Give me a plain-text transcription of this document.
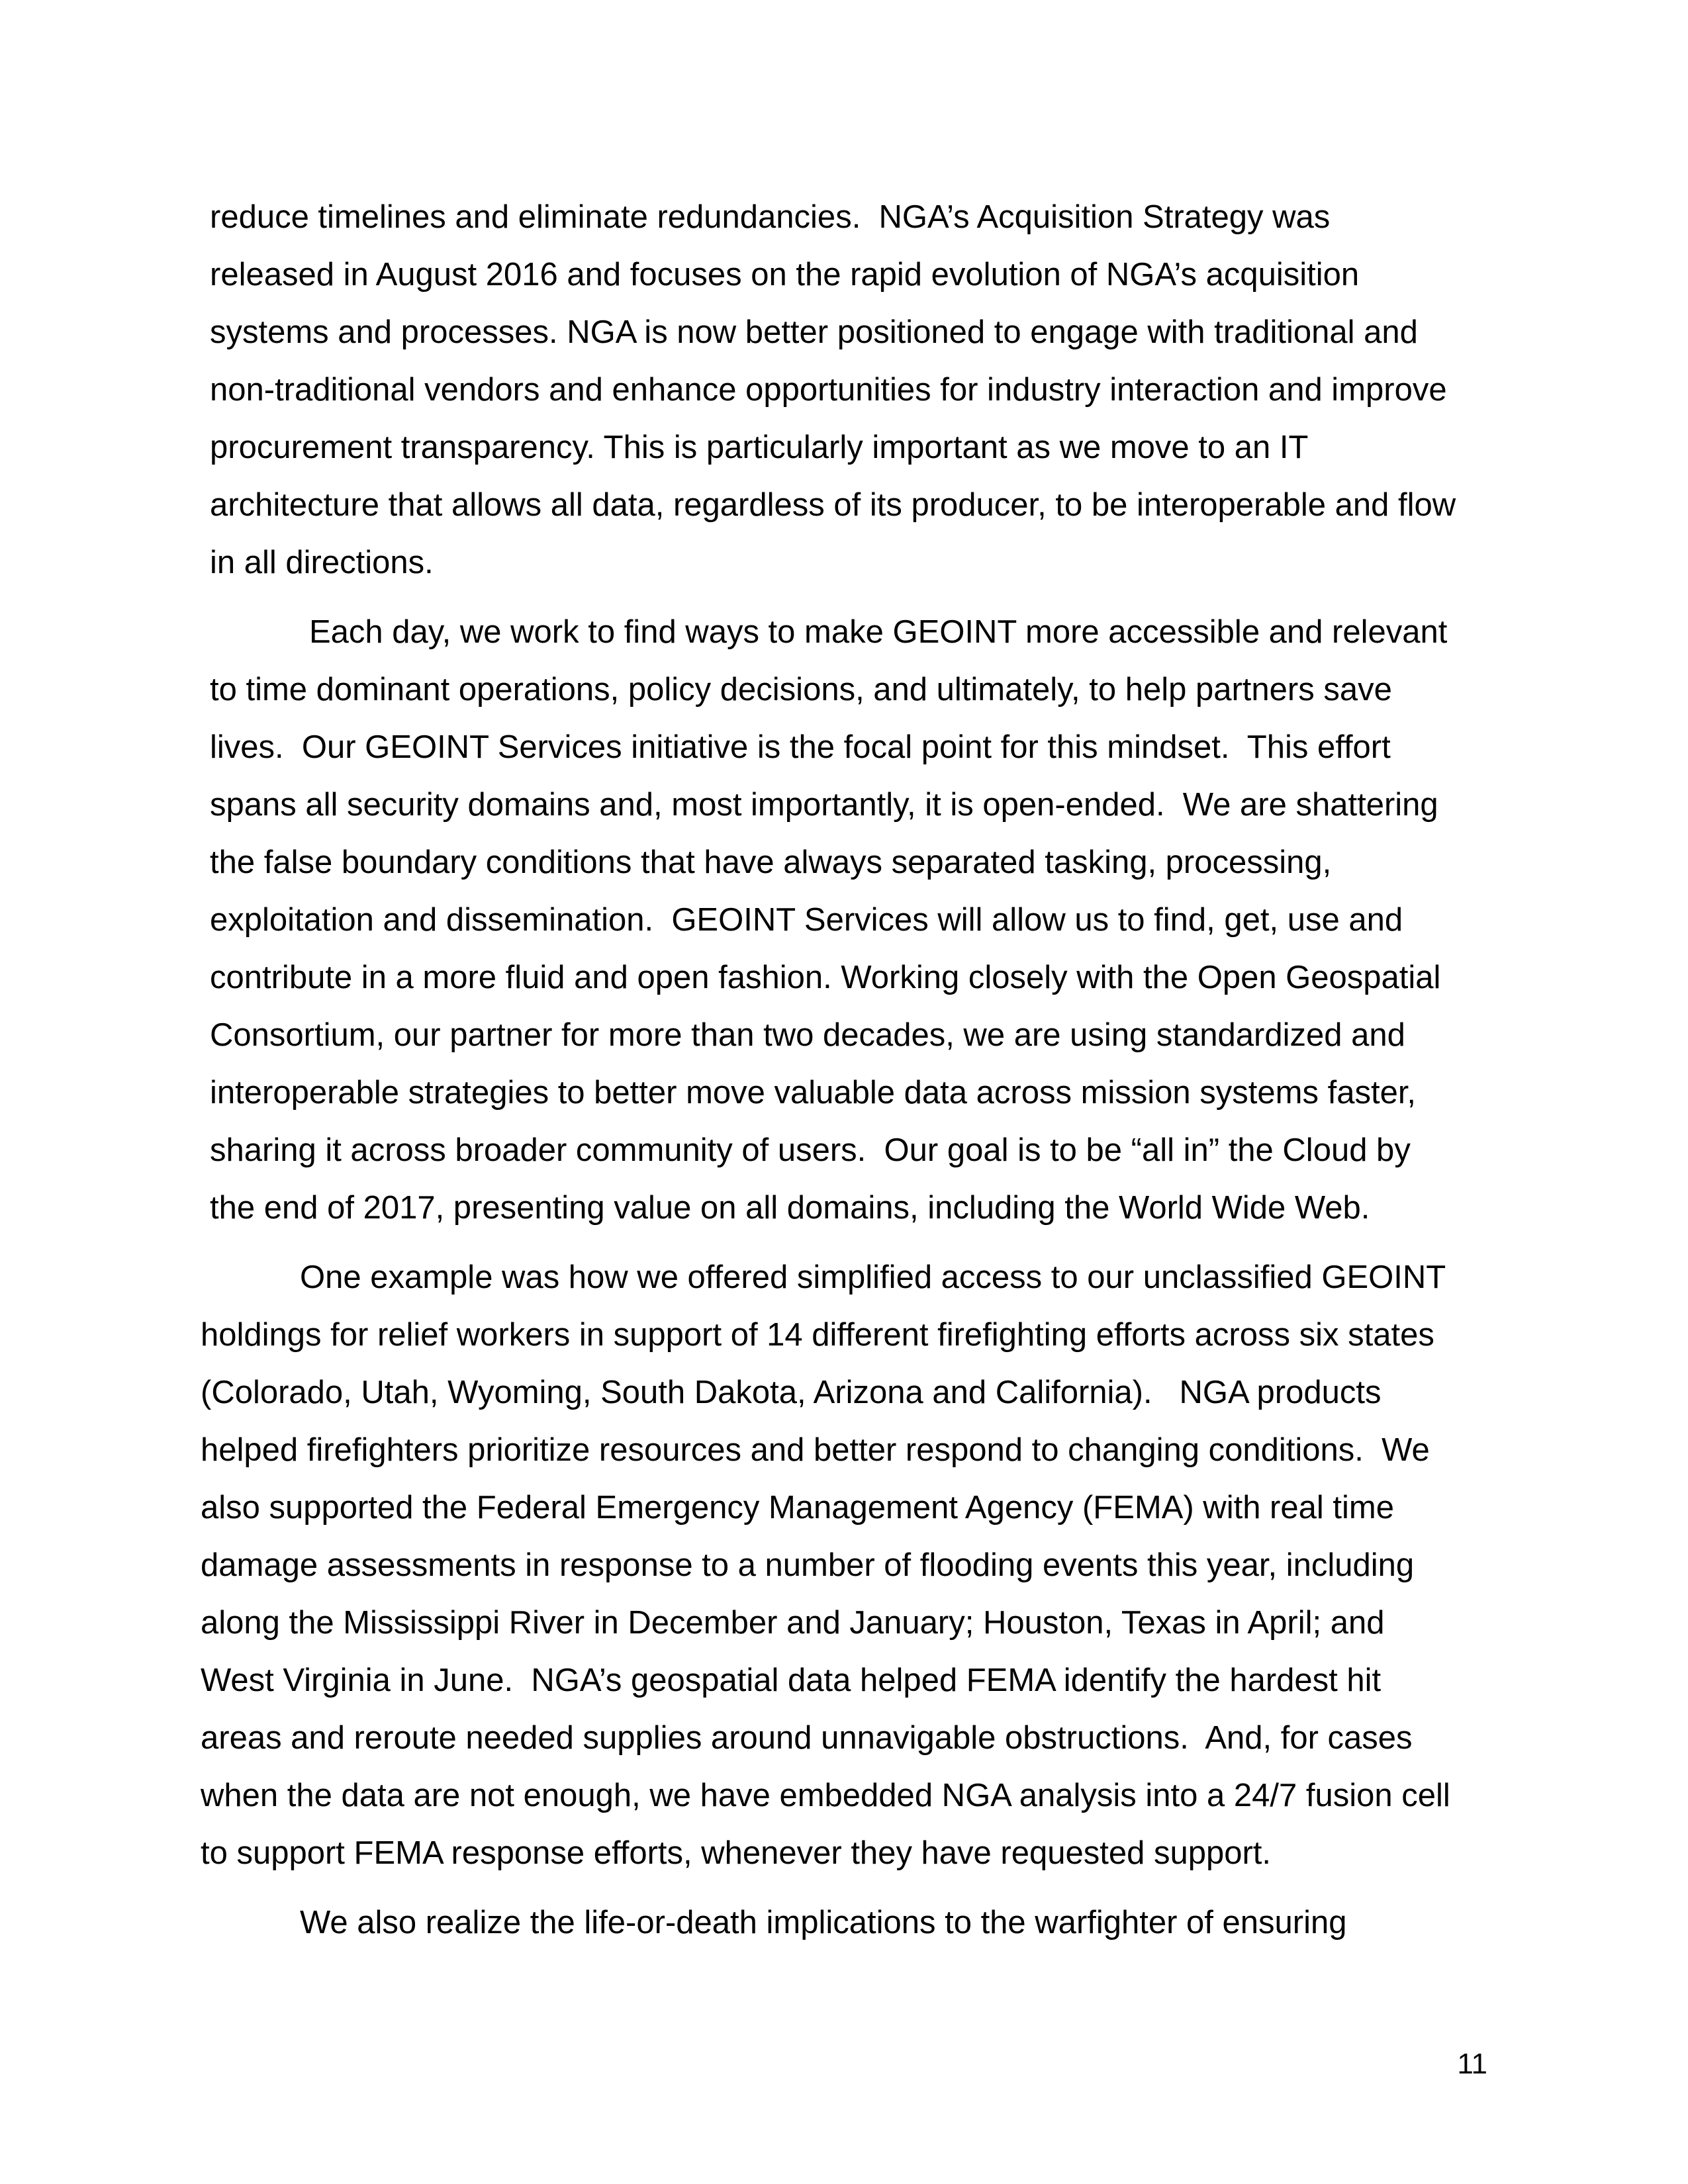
reduce timelines and eliminate redundancies.  NGA’s Acquisition Strategy was
released in August 2016 and focuses on the rapid evolution of NGA’s acquisition
systems and processes. NGA is now better positioned to engage with traditional and
non-traditional vendors and enhance opportunities for industry interaction and improve
procurement transparency. This is particularly important as we move to an IT
architecture that allows all data, regardless of its producer, to be interoperable and flow
in all directions.
Each day, we work to find ways to make GEOINT more accessible and relevant
to time dominant operations, policy decisions, and ultimately, to help partners save
lives.  Our GEOINT Services initiative is the focal point for this mindset.  This effort
spans all security domains and, most importantly, it is open-ended.  We are shattering
the false boundary conditions that have always separated tasking, processing,
exploitation and dissemination.  GEOINT Services will allow us to find, get, use and
contribute in a more fluid and open fashion. Working closely with the Open Geospatial
Consortium, our partner for more than two decades, we are using standardized and
interoperable strategies to better move valuable data across mission systems faster,
sharing it across broader community of users.  Our goal is to be “all in” the Cloud by
the end of 2017, presenting value on all domains, including the World Wide Web.
One example was how we offered simplified access to our unclassified GEOINT
holdings for relief workers in support of 14 different firefighting efforts across six states
(Colorado, Utah, Wyoming, South Dakota, Arizona and California).   NGA products
helped firefighters prioritize resources and better respond to changing conditions.  We
also supported the Federal Emergency Management Agency (FEMA) with real time
damage assessments in response to a number of flooding events this year, including
along the Mississippi River in December and January; Houston, Texas in April; and
West Virginia in June.  NGA’s geospatial data helped FEMA identify the hardest hit
areas and reroute needed supplies around unnavigable obstructions.  And, for cases
when the data are not enough, we have embedded NGA analysis into a 24/7 fusion cell
to support FEMA response efforts, whenever they have requested support.
We also realize the life-or-death implications to the warfighter of ensuring
11
